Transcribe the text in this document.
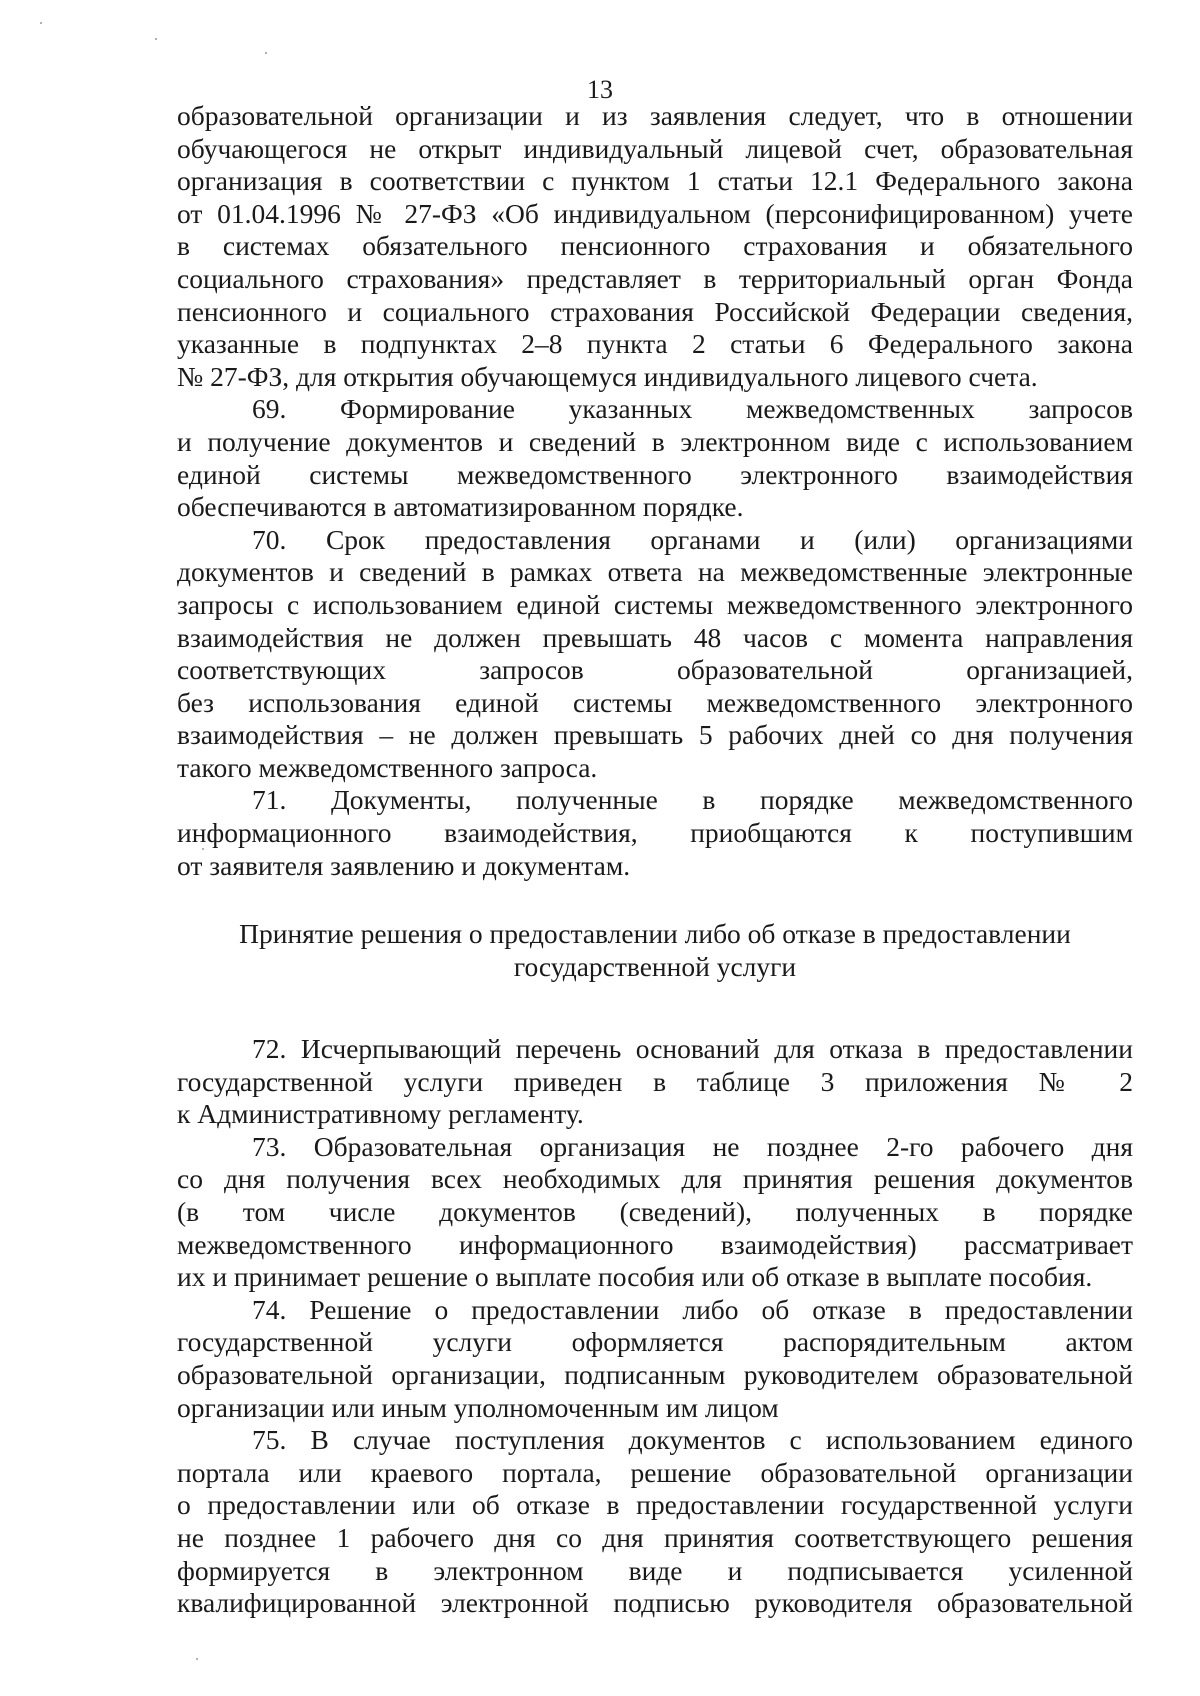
13
образовательной организации и из заявления следует, что в отношении
обучающегося не открыт индивидуальный лицевой счет, образовательная
организация в соответствии с пунктом 1 статьи 12.1 Федерального закона
от 01.04.1996 № 27-ФЗ «Об индивидуальном (персонифицированном) учете
в системах обязательного пенсионного страхования и обязательного
социального страхования» представляет в территориальный орган Фонда
пенсионного и социального страхования Российской Федерации сведения,
указанные в подпунктах 2–8 пункта 2 статьи 6 Федерального закона
№ 27-ФЗ, для открытия обучающемуся индивидуального лицевого счета.
69. Формирование указанных межведомственных запросов
и получение документов и сведений в электронном виде с использованием
единой системы межведомственного электронного взаимодействия
обеспечиваются в автоматизированном порядке.
70. Срок предоставления органами и (или) организациями
документов и сведений в рамках ответа на межведомственные электронные
запросы с использованием единой системы межведомственного электронного
взаимодействия не должен превышать 48 часов с момента направления
соответствующих запросов образовательной организацией,
без использования единой системы межведомственного электронного
взаимодействия – не должен превышать 5 рабочих дней со дня получения
такого межведомственного запроса.
71. Документы, полученные в порядке межведомственного
информационного взаимодействия, приобщаются к поступившим
от заявителя заявлению и документам.
Принятие решения о предоставлении либо об отказе в предоставлении
государственной услуги
72. Исчерпывающий перечень оснований для отказа в предоставлении
государственной услуги приведен в таблице 3 приложения № 2
к Административному регламенту.
73. Образовательная организация не позднее 2-го рабочего дня
со дня получения всех необходимых для принятия решения документов
(в том числе документов (сведений), полученных в порядке
межведомственного информационного взаимодействия) рассматривает
их и принимает решение о выплате пособия или об отказе в выплате пособия.
74. Решение о предоставлении либо об отказе в предоставлении
государственной услуги оформляется распорядительным актом
образовательной организации, подписанным руководителем образовательной
организации или иным уполномоченным им лицом
75. В случае поступления документов с использованием единого
портала или краевого портала, решение образовательной организации
о предоставлении или об отказе в предоставлении государственной услуги
не позднее 1 рабочего дня со дня принятия соответствующего решения
формируется в электронном виде и подписывается усиленной
квалифицированной электронной подписью руководителя образовательной
